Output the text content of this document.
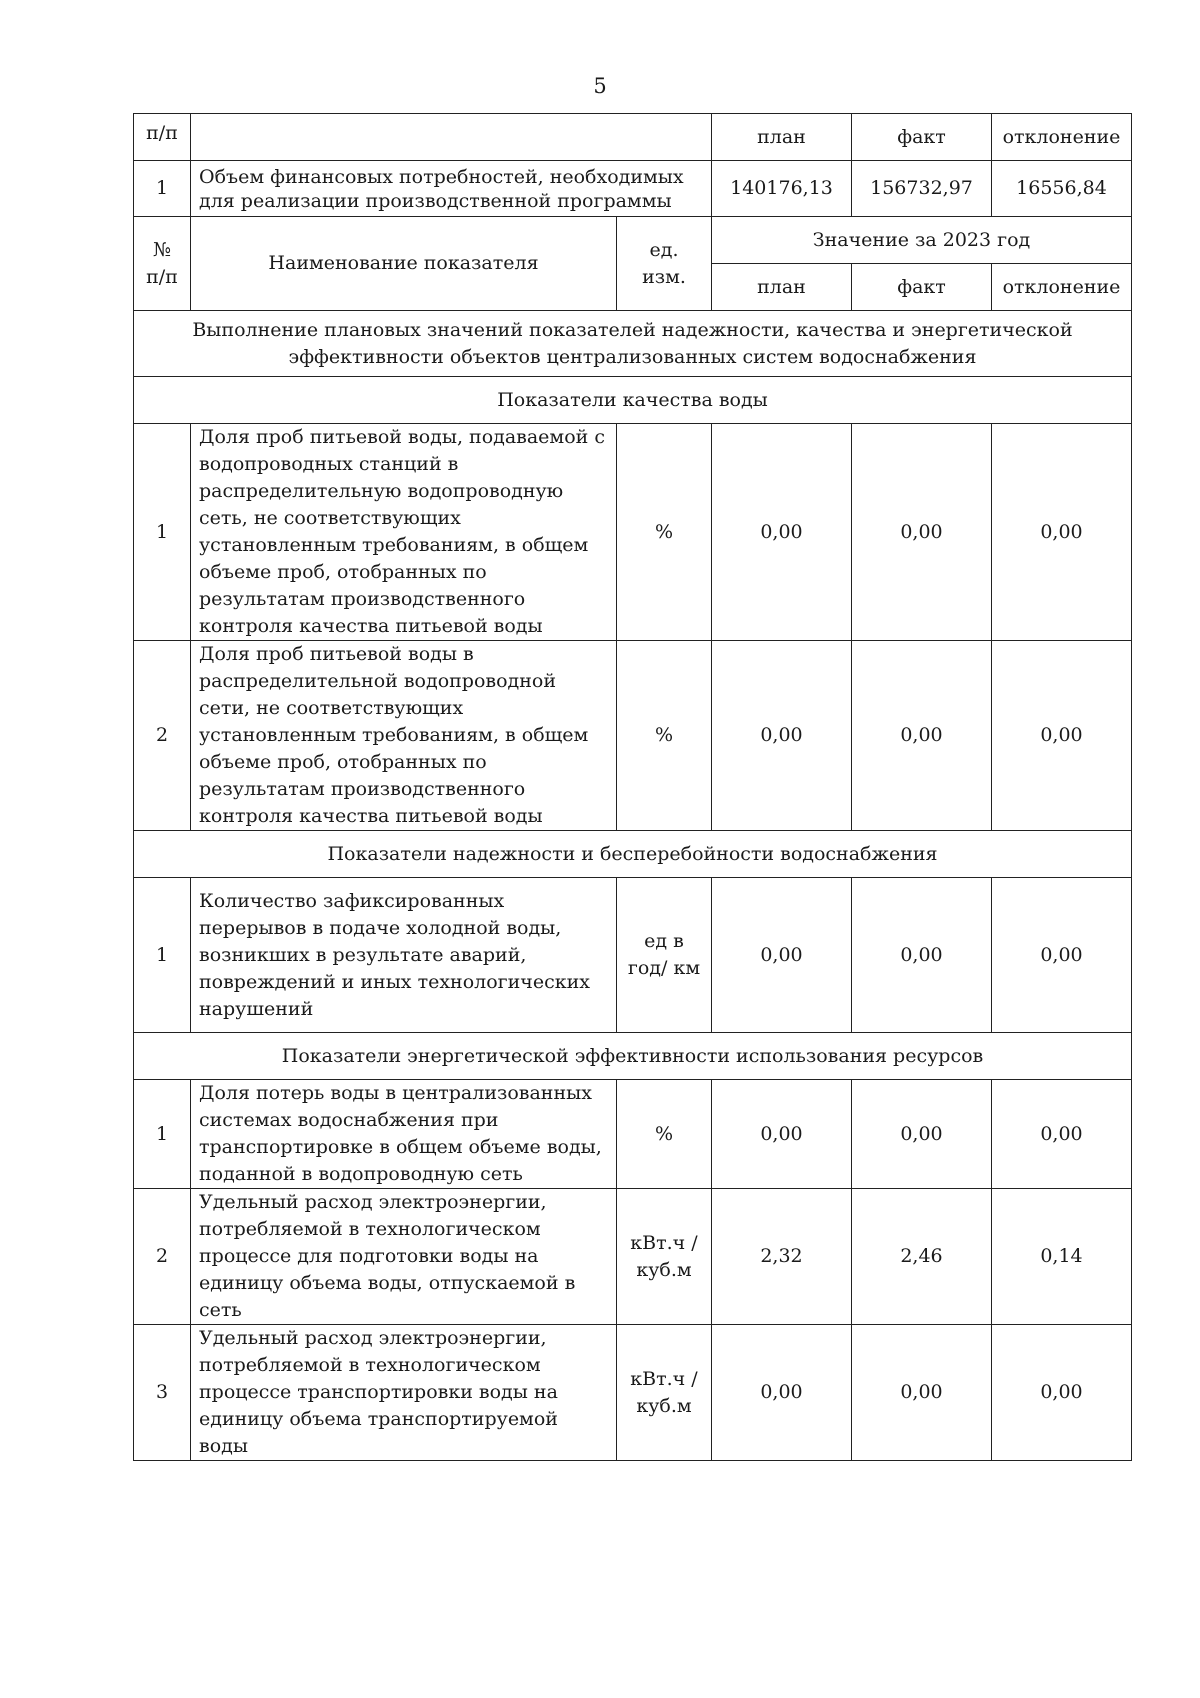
5
п/п			план	факт	отклонение
1	Объем финансовых потребностей, необходимых для реализации производственной программы		140176,13	156732,97	16556,84
№ п/п	Наименование показателя	ед. изм.	Значение за 2023 год		
			план	факт	отклонение
Выполнение плановых значений показателей надежности, качества и энергетической эффективности объектов централизованных систем водоснабжения					
Показатели качества воды					
1	Доля проб питьевой воды, подаваемой с водопроводных станций в распределительную водопроводную сеть, не соответствующих установленным требованиям, в общем объеме проб, отобранных по результатам производственного контроля качества питьевой воды	%	0,00	0,00	0,00
2	Доля проб питьевой воды в распределительной водопроводной сети, не соответствующих установленным требованиям, в общем объеме проб, отобранных по результатам производственного контроля качества питьевой воды	%	0,00	0,00	0,00
Показатели надежности и бесперебойности водоснабжения					
1	Количество зафиксированных перерывов в подаче холодной воды, возникших в результате аварий, повреждений и иных технологических нарушений	ед в год/ км	0,00	0,00	0,00
Показатели энергетической эффективности использования ресурсов					
1	Доля потерь воды в централизованных системах водоснабжения при транспортировке в общем объеме воды, поданной в водопроводную сеть	%	0,00	0,00	0,00
2	Удельный расход электроэнергии, потребляемой в технологическом процессе для подготовки воды на единицу объема воды, отпускаемой в сеть	кВт.ч / куб.м	2,32	2,46	0,14
3	Удельный расход электроэнергии, потребляемой в технологическом процессе транспортировки воды на единицу объема транспортируемой воды	кВт.ч / куб.м	0,00	0,00	0,00
